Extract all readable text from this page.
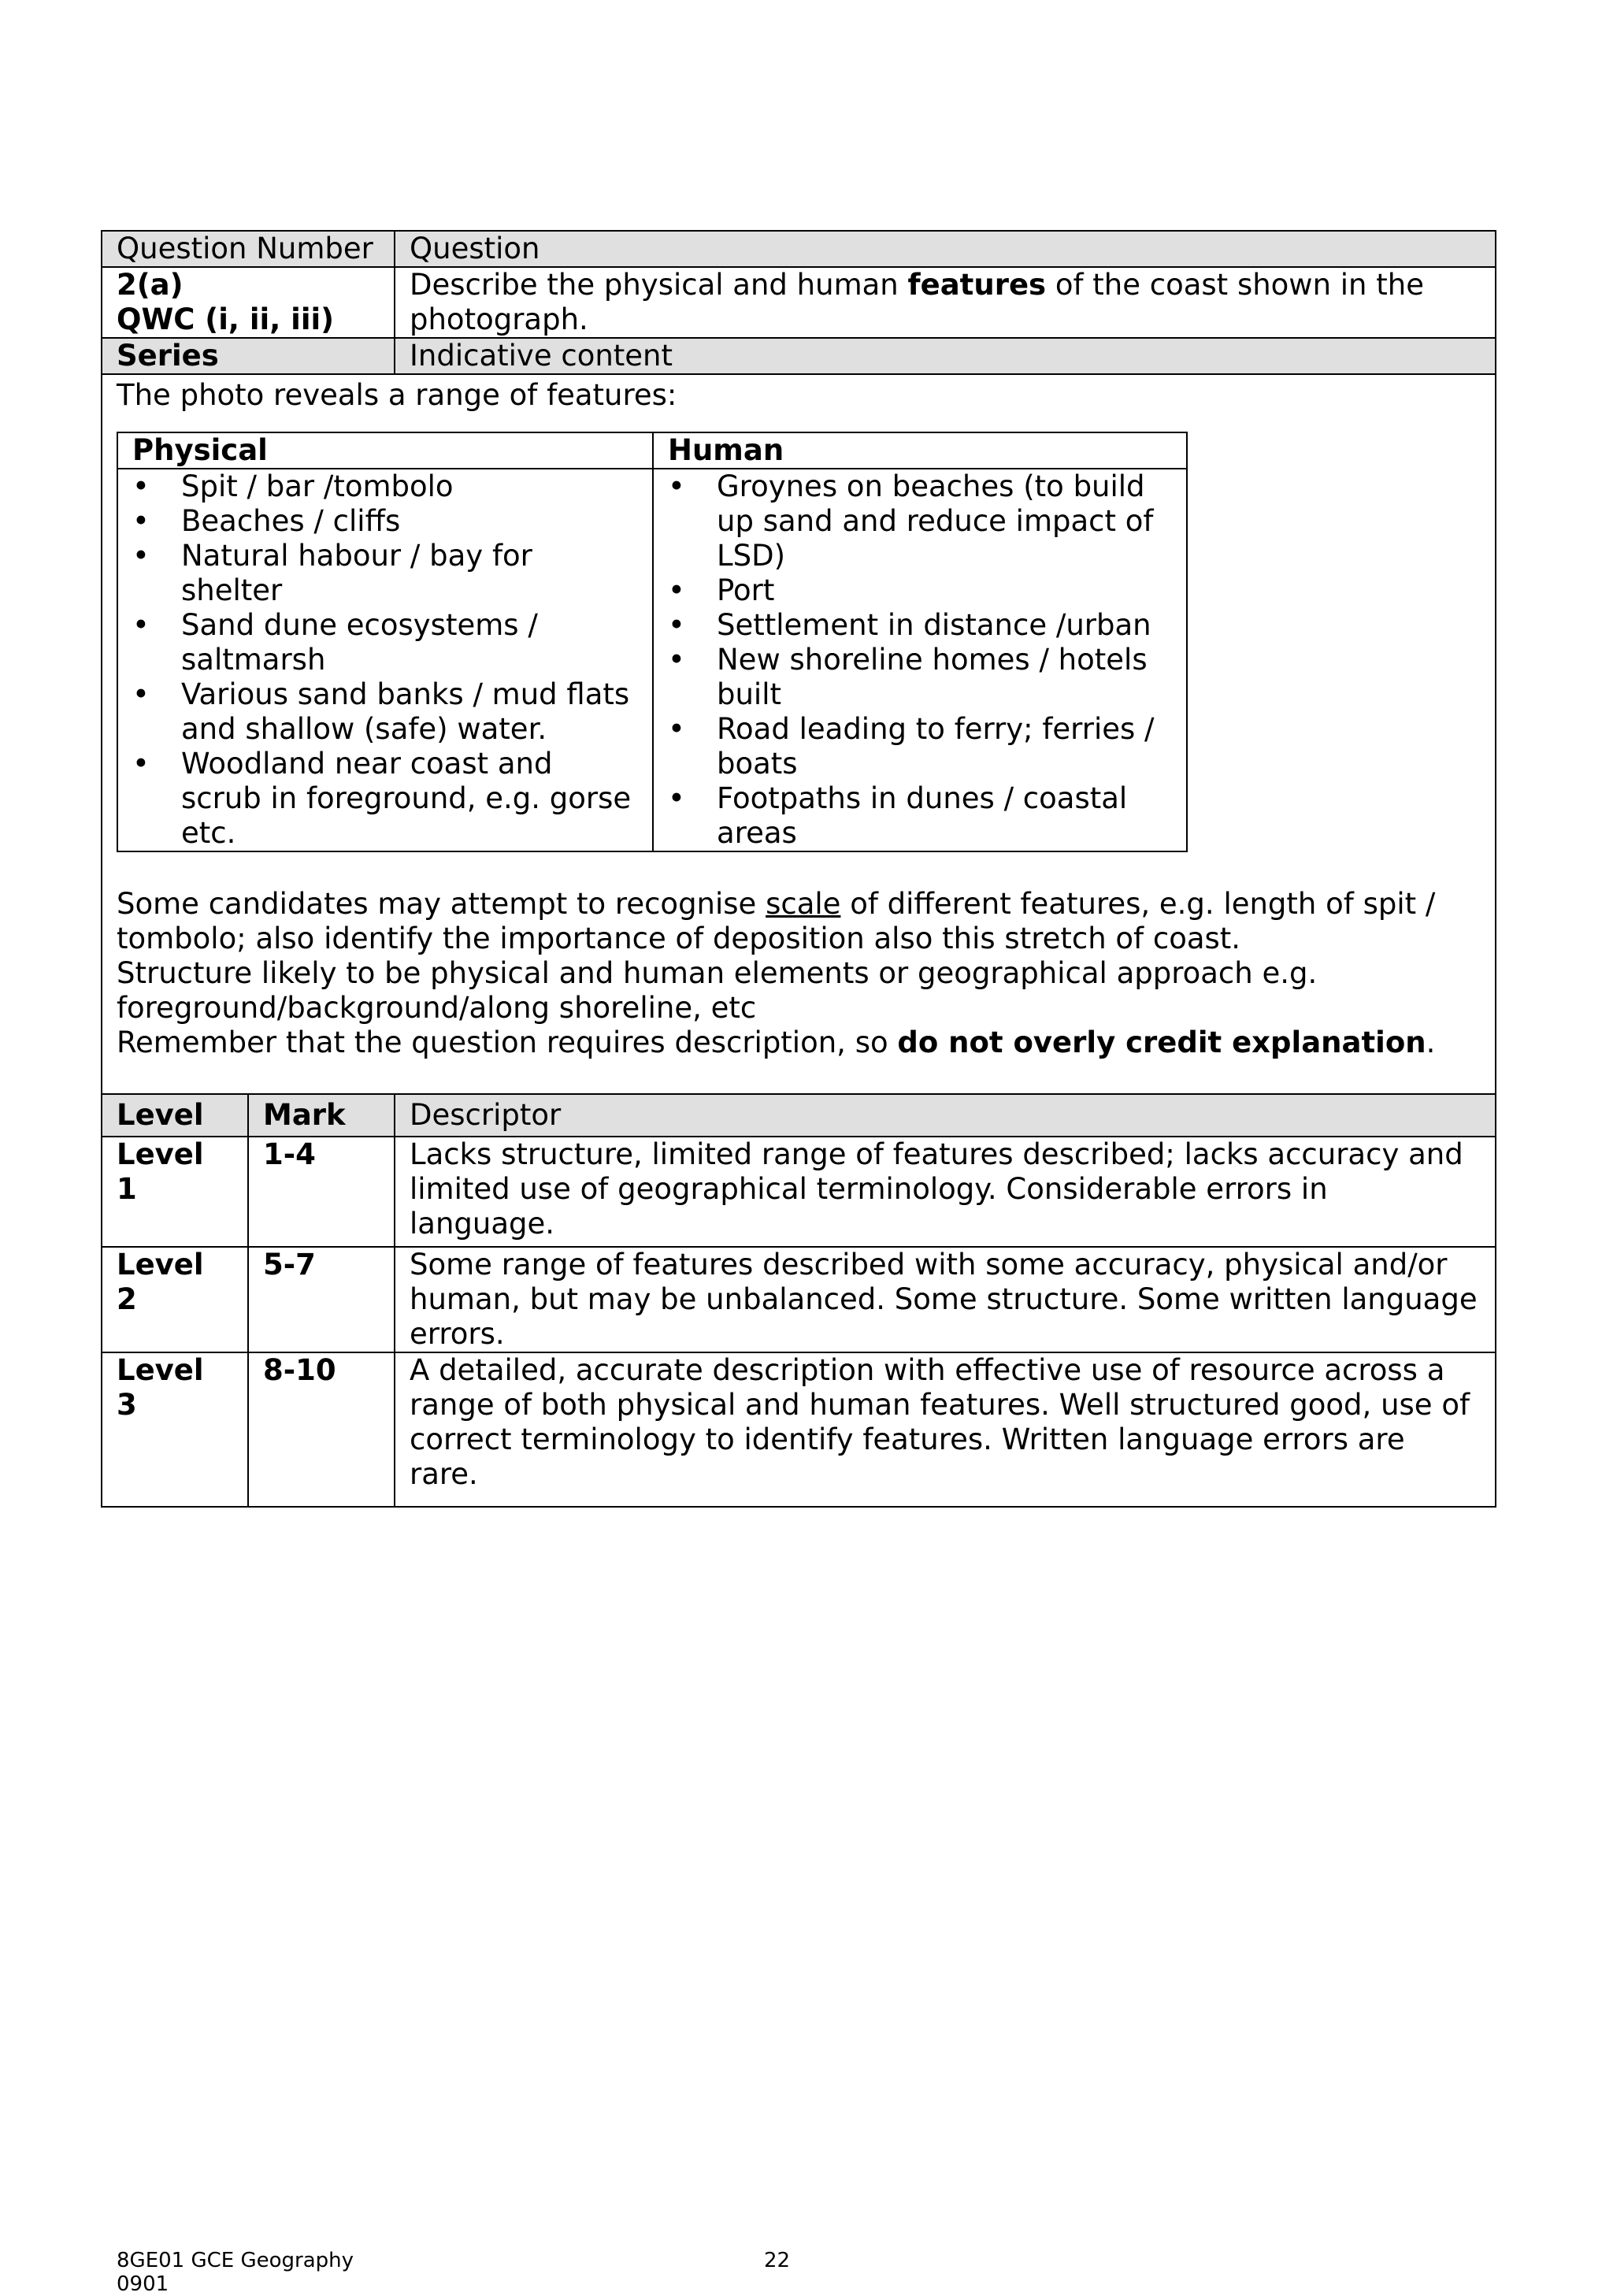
Question Number	Question

2(a)
QWC (i, ii, iii)
	Describe the physical and human features of the coast shown in the photograph.
Series	Indicative content

The photo reveals a range of features:
Physical	Human

• Spit / bar /tombolo
• Beaches / cliffs
• Natural habour / bay for shelter
• Sand dune ecosystems / saltmarsh
• Various sand banks / mud flats and shallow (safe) water.
• Woodland near coast and scrub in foreground, e.g. gorse etc.

• Groynes on beaches (to build up sand and reduce impact of LSD)
• Port
• Settlement in distance /urban
• New shoreline homes / hotels built
• Road leading to ferry; ferries / boats
• Footpaths in dunes / coastal areas
Some candidates may attempt to recognise scale of different features, e.g. length of spit / tombolo; also identify the importance of deposition also this stretch of coast.
Structure likely to be physical and human elements or geographical approach e.g. foreground/background/along shoreline, etc
Remember that the question requires description, so do not overly credit explanation.
Level	Mark	Descriptor
Level 1	1-4	Lacks structure, limited range of features described; lacks accuracy and limited use of geographical terminology. Considerable errors in language.
Level 2	5-7	Some range of features described with some accuracy, physical and/or human, but may be unbalanced. Some structure. Some written language errors.
Level 3	8-10	A detailed, accurate description with effective use of resource across a range of both physical and human features. Well structured good, use of correct terminology to identify features. Written language errors are rare.
8GE01 GCE Geography
0901
22
